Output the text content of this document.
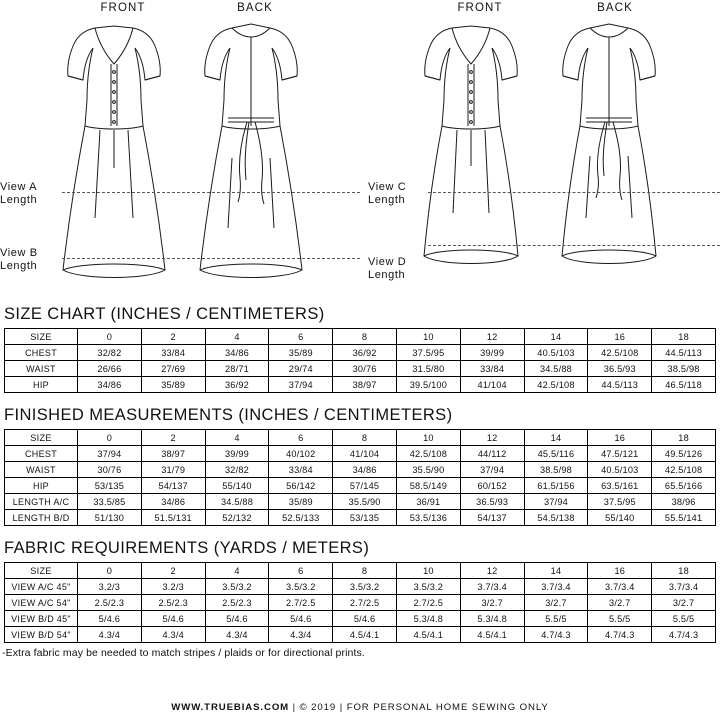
FRONT	BACK
View A
Length
View B
Length
FRONT	BACK
View C
Length
View D
Length
SIZE CHART (INCHES / CENTIMETERS)
SIZE	0	2	4	6	8	10	12	14	16	18
CHEST	32/82	33/84	34/86	35/89	36/92	37.5/95	39/99	40.5/103	42.5/108	44.5/113
WAIST	26/66	27/69	28/71	29/74	30/76	31.5/80	33/84	34.5/88	36.5/93	38.5/98
HIP	34/86	35/89	36/92	37/94	38/97	39.5/100	41/104	42.5/108	44.5/113	46.5/118
FINISHED MEASUREMENTS (INCHES / CENTIMETERS)
SIZE	0	2	4	6	8	10	12	14	16	18
CHEST	37/94	38/97	39/99	40/102	41/104	42.5/108	44/112	45.5/116	47.5/121	49.5/126
WAIST	30/76	31/79	32/82	33/84	34/86	35.5/90	37/94	38.5/98	40.5/103	42.5/108
HIP	53/135	54/137	55/140	56/142	57/145	58.5/149	60/152	61.5/156	63.5/161	65.5/166
LENGTH A/C	33.5/85	34/86	34.5/88	35/89	35.5/90	36/91	36.5/93	37/94	37.5/95	38/96
LENGTH B/D	51/130	51.5/131	52/132	52.5/133	53/135	53.5/136	54/137	54.5/138	55/140	55.5/141
FABRIC REQUIREMENTS (YARDS / METERS)
SIZE	0	2	4	6	8	10	12	14	16	18
VIEW A/C 45"	3.2/3	3.2/3	3.5/3.2	3.5/3.2	3.5/3.2	3.5/3.2	3.7/3.4	3.7/3.4	3.7/3.4	3.7/3.4
VIEW A/C 54"	2.5/2.3	2.5/2.3	2.5/2.3	2.7/2.5	2.7/2.5	2.7/2.5	3/2.7	3/2.7	3/2.7	3/2.7
VIEW B/D 45"	5/4.6	5/4.6	5/4.6	5/4.6	5/4.6	5.3/4.8	5.3/4.8	5.5/5	5.5/5	5.5/5
VIEW B/D 54"	4.3/4	4.3/4	4.3/4	4.3/4	4.5/4.1	4.5/4.1	4.5/4.1	4.7/4.3	4.7/4.3	4.7/4.3
-Extra fabric may be needed to match stripes / plaids or for directional prints.
WWW.TRUEBIAS.COM | © 2019 | FOR PERSONAL HOME SEWING ONLY
